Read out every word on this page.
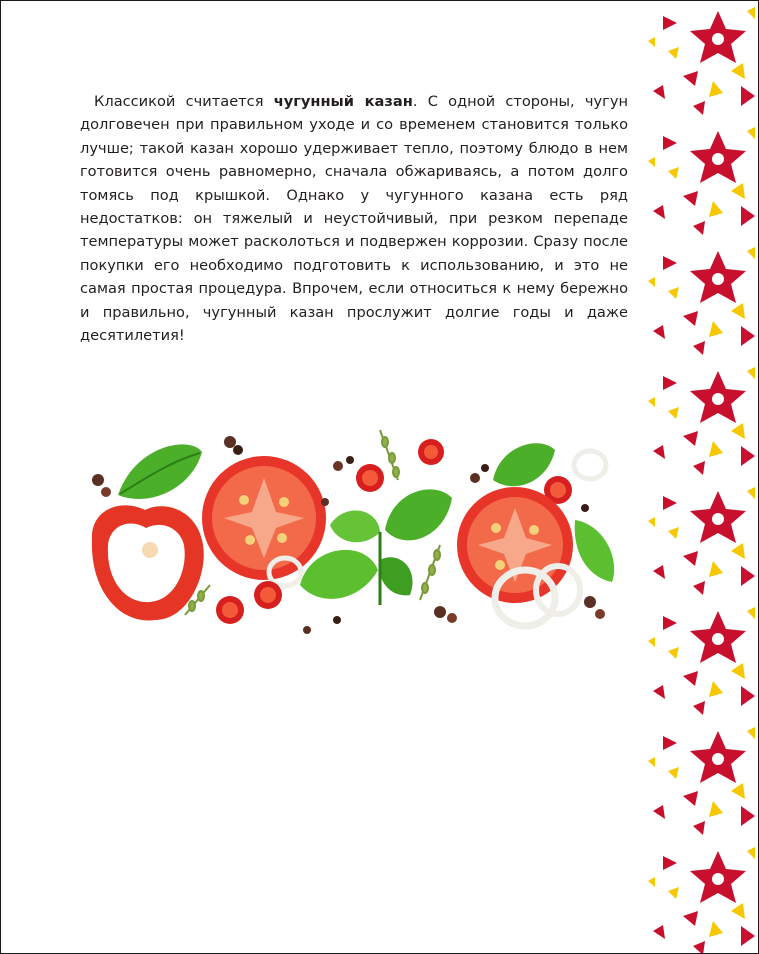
Классикой считается чугунный казан. С одной стороны, чугун долговечен при правильном уходе и со временем становится только лучше; такой казан хорошо удерживает тепло, поэтому блюдо в нем готовится очень равномерно, сначала обжариваясь, а потом долго томясь под крышкой. Однако у чугунного казана есть ряд недостатков: он тяжелый и неустойчивый, при резком перепаде температуры может расколоться и подвержен коррозии. Сразу после покупки его необходимо подготовить к использованию, и это не самая простая процедура. Впрочем, если относиться к нему бережно и правильно, чугунный казан прослужит долгие годы и даже десятилетия!
